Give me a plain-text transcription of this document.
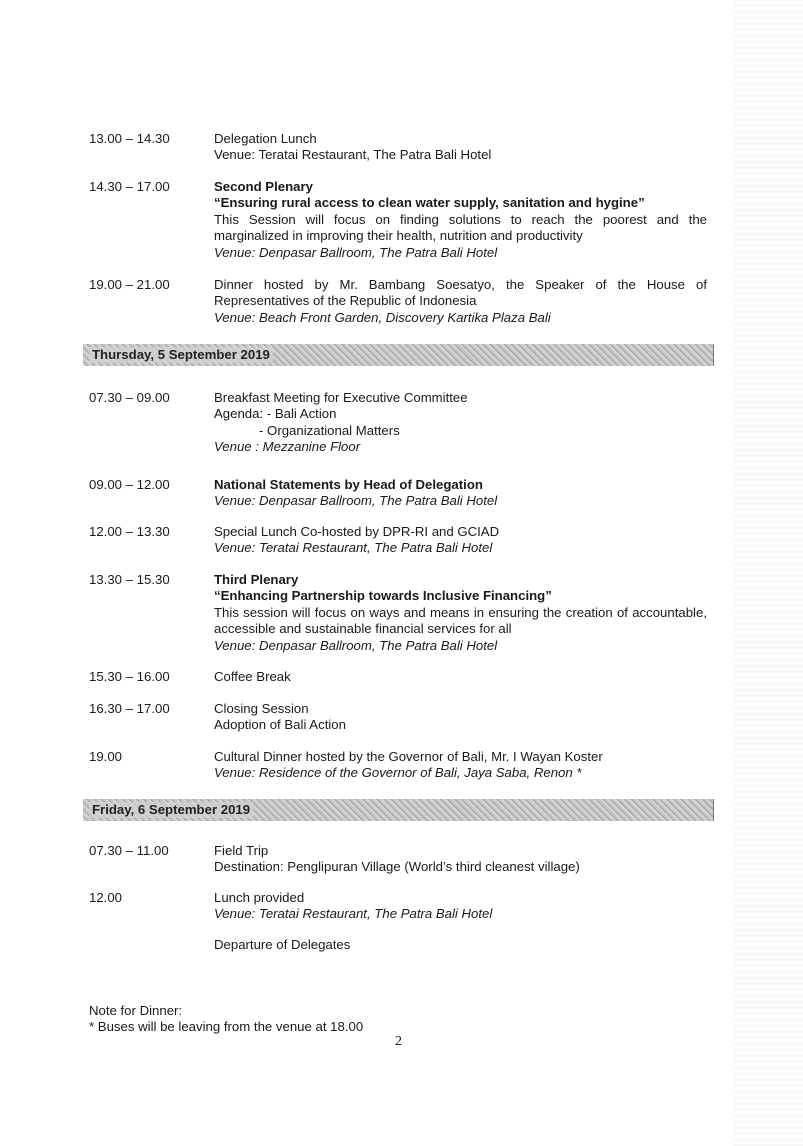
13.00 – 14.30	Delegation Lunch
Venue: Teratai Restaurant, The Patra Bali Hotel
14.30 – 17.00	Second Plenary
“Ensuring rural access to clean water supply, sanitation and hygine”
This Session will focus on finding solutions to reach the poorest and the marginalized in improving their health, nutrition and productivity
Venue: Denpasar Ballroom, The Patra Bali Hotel
19.00 – 21.00	Dinner hosted by Mr. Bambang Soesatyo, the Speaker of the House of Representatives of the Republic of Indonesia
Venue: Beach Front Garden, Discovery Kartika Plaza Bali
Thursday, 5 September 2019
07.30 – 09.00	Breakfast Meeting for Executive Committee
Agenda: - Bali Action
- Organizational Matters
Venue : Mezzanine Floor
09.00 – 12.00	National Statements by Head of Delegation
Venue: Denpasar Ballroom, The Patra Bali Hotel
12.00 – 13.30	Special Lunch Co-hosted by DPR-RI and GCIAD
Venue: Teratai Restaurant, The Patra Bali Hotel
13.30 – 15.30	Third Plenary
“Enhancing Partnership towards Inclusive Financing”
This session will focus on ways and means in ensuring the creation of accountable, accessible and sustainable financial services for all
Venue: Denpasar Ballroom, The Patra Bali Hotel
15.30 – 16.00	Coffee Break
16.30 – 17.00	Closing Session
Adoption of Bali Action
19.00	Cultural Dinner hosted by the Governor of Bali, Mr. I Wayan Koster
Venue: Residence of the Governor of Bali, Jaya Saba, Renon *
Friday, 6 September 2019
07.30 – 11.00	Field Trip
Destination: Penglipuran Village (World’s third cleanest village)
12.00	Lunch provided
Venue: Teratai Restaurant, The Patra Bali Hotel
Departure of Delegates
Note for Dinner:
* Buses will be leaving from the venue at 18.00
2
